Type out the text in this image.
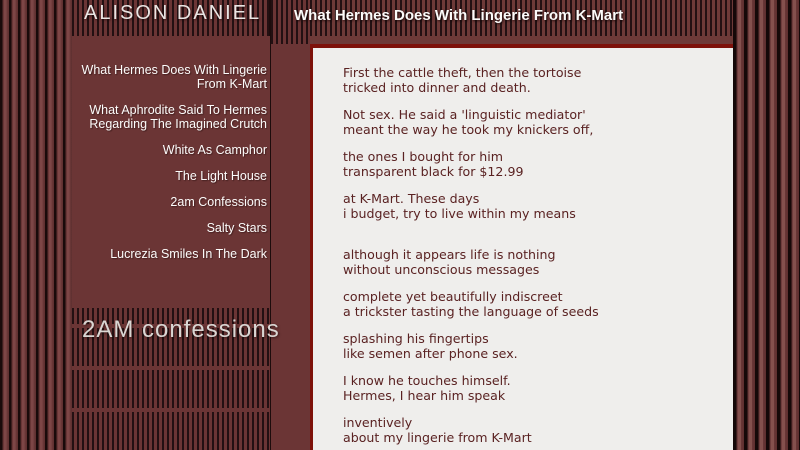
ALISON DANIEL	What Hermes Does With Lingerie From K-Mart
What Hermes Does With Lingerie From K-Mart
What Aphrodite Said To Hermes Regarding The Imagined Crutch
White As Camphor
The Light House
2am Confessions
Salty Stars
Lucrezia Smiles In The Dark
2AM confessions
First the cattle theft, then the tortoise
tricked into dinner and death.
Not sex. He said a 'linguistic mediator'
meant the way he took my knickers off,
the ones I bought for him
transparent black for $12.99
at K-Mart. These days
i budget, try to live within my means
although it appears life is nothing
without unconscious messages
complete yet beautifully indiscreet
a trickster tasting the language of seeds
splashing his fingertips
like semen after phone sex.
I know he touches himself.
Hermes, I hear him speak
inventively
about my lingerie from K-Mart
